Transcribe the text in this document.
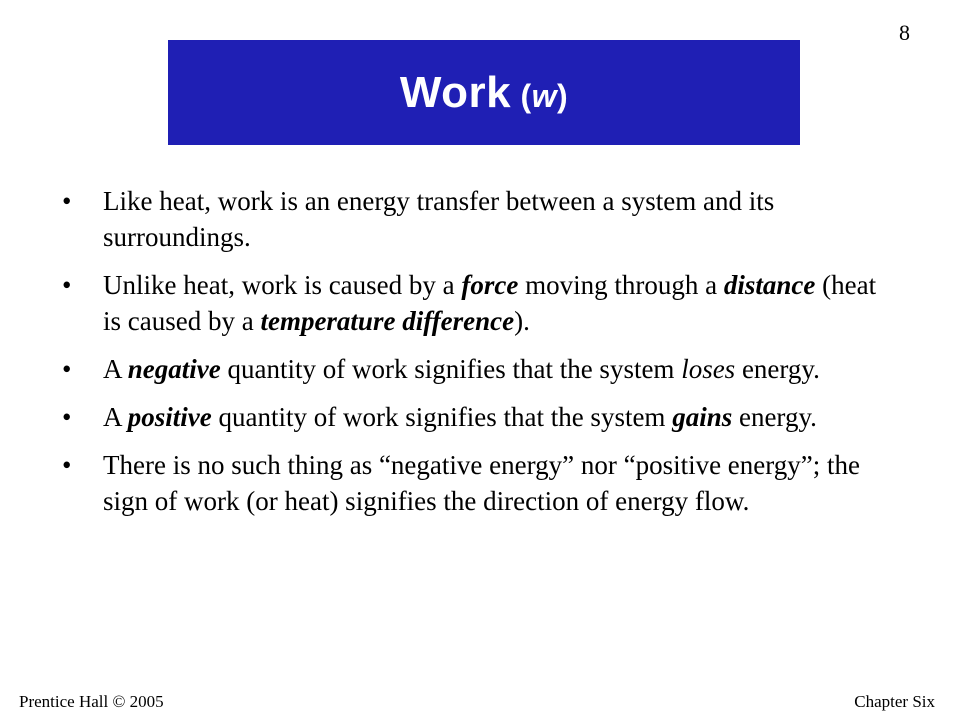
8
Work (w)
•	Like heat, work is an energy transfer between a system and its surroundings.
•	Unlike heat, work is caused by a force moving through a distance (heat is caused by a temperature difference).
•	A negative quantity of work signifies that the system loses energy.
•	A positive quantity of work signifies that the system gains energy.
•	There is no such thing as “negative energy” nor “positive energy”; the sign of work (or heat) signifies the direction of energy flow.
Prentice Hall © 2005	Chapter Six
